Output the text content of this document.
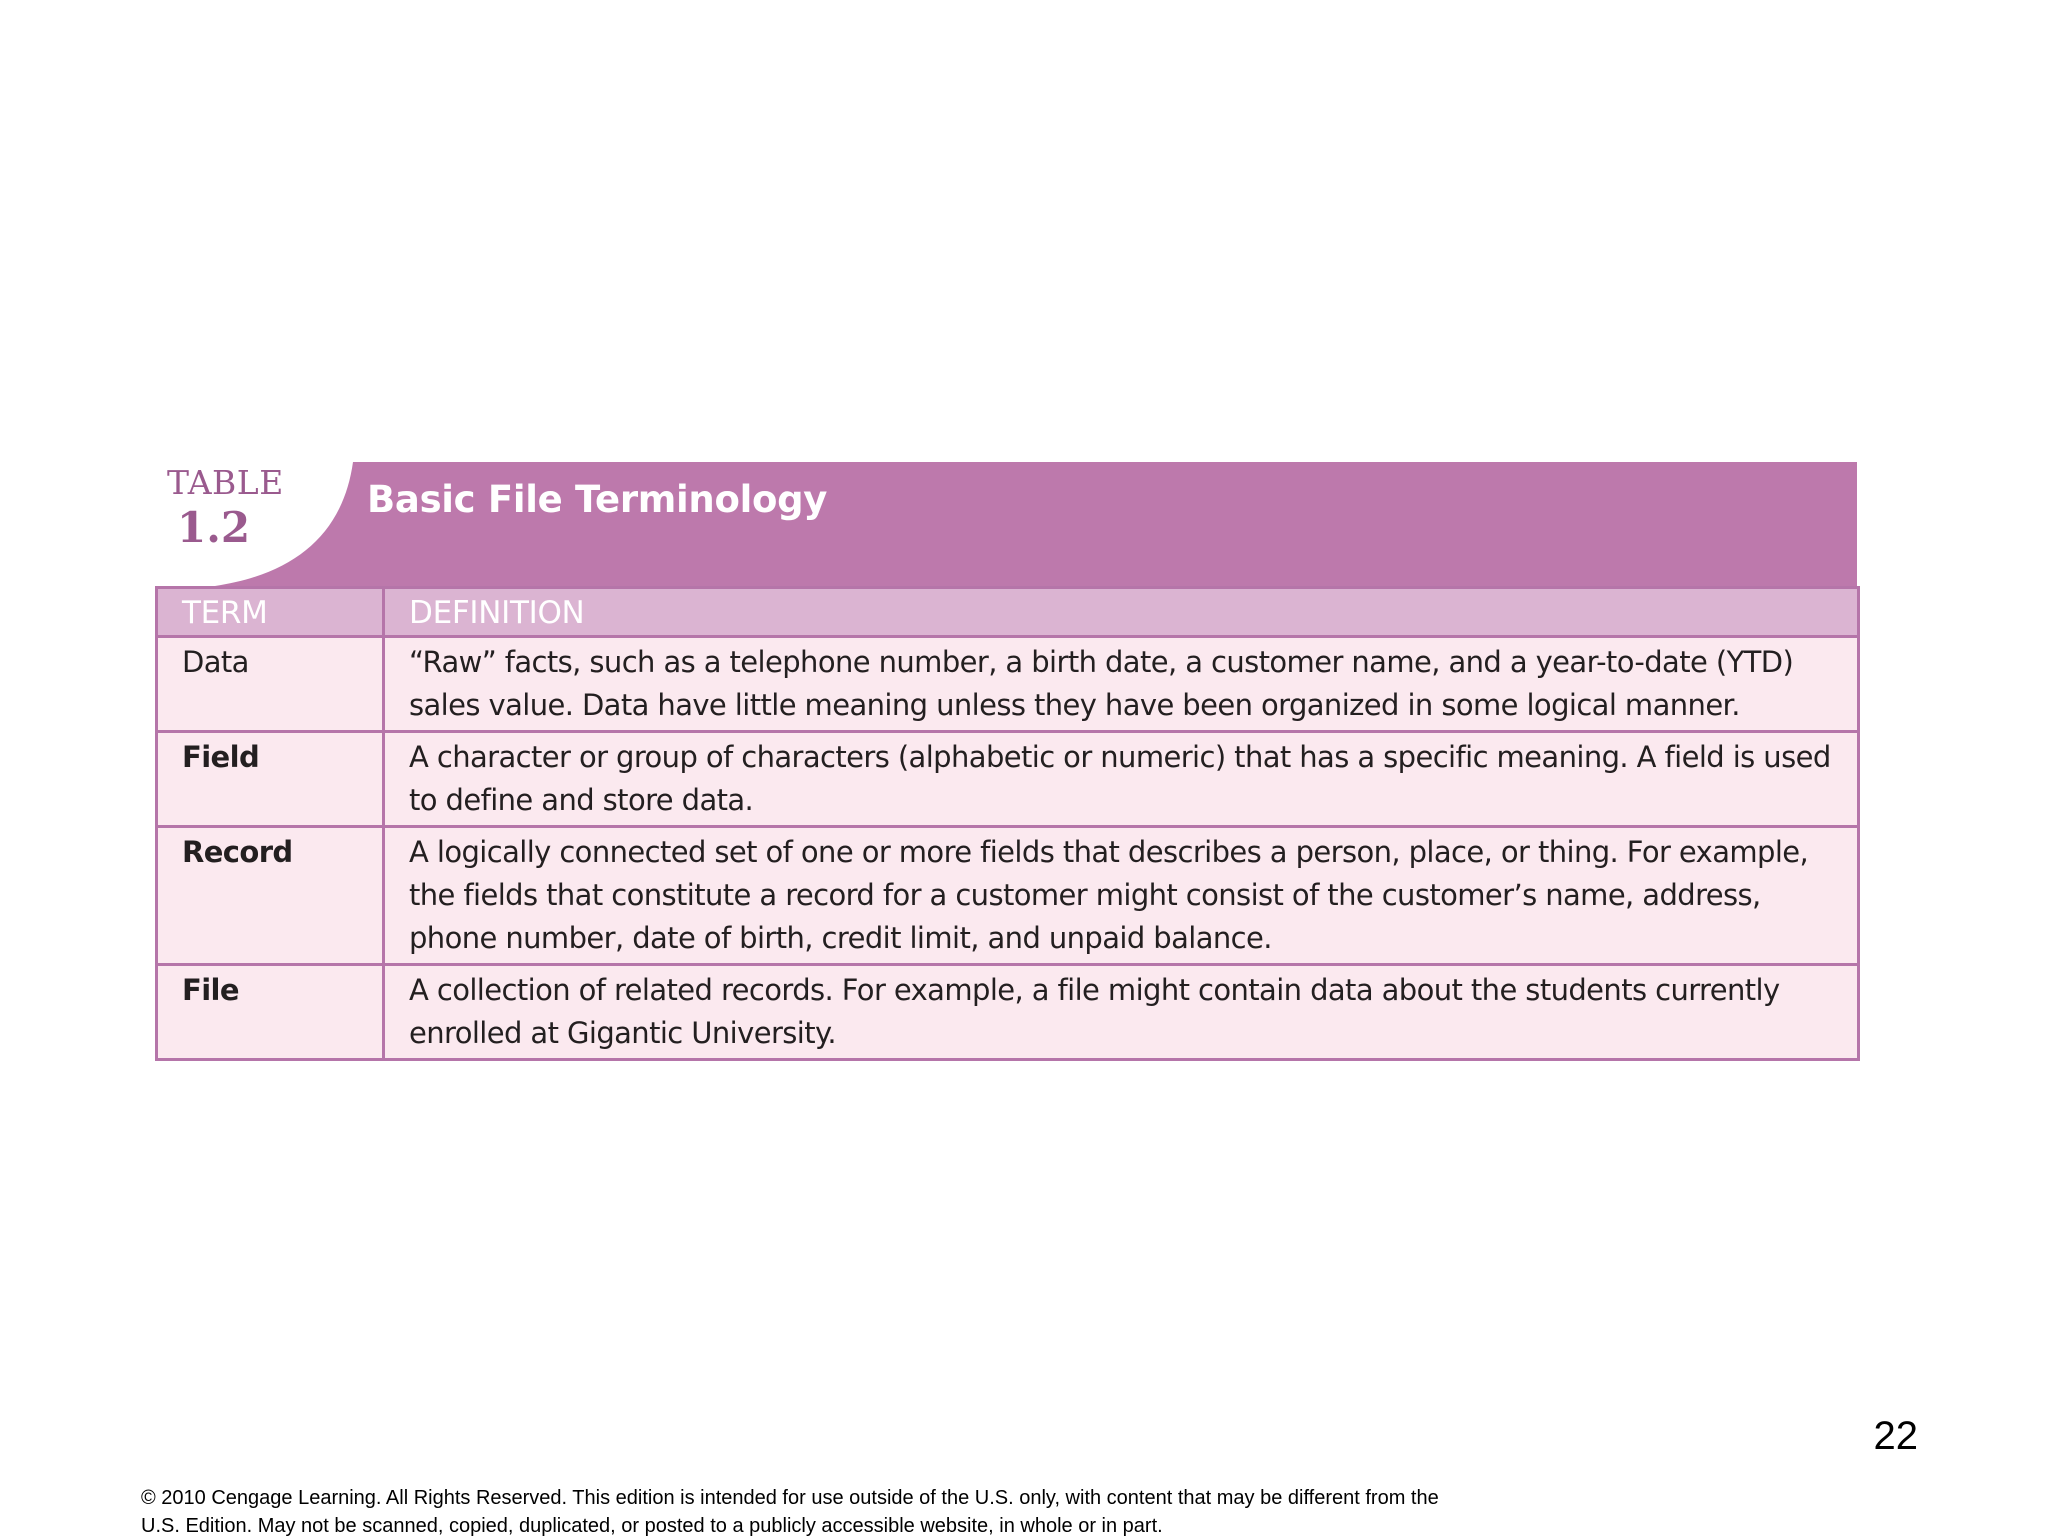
TABLE
1.2
Basic File Terminology
TERM	DEFINITION
Data	“Raw” facts, such as a telephone number, a birth date, a customer name, and a year-to-date (YTD) sales value. Data have little meaning unless they have been organized in some logical manner.
Field	A character or group of characters (alphabetic or numeric) that has a specific meaning. A field is used to define and store data.
Record	A logically connected set of one or more fields that describes a person, place, or thing. For example, the fields that constitute a record for a customer might consist of the customer’s name, address, phone number, date of birth, credit limit, and unpaid balance.
File	A collection of related records. For example, a file might contain data about the students currently enrolled at Gigantic University.
22
© 2010 Cengage Learning. All Rights Reserved. This edition is intended for use outside of the U.S. only, with content that may be different from the
U.S. Edition. May not be scanned, copied, duplicated, or posted to a publicly accessible website, in whole or in part.
